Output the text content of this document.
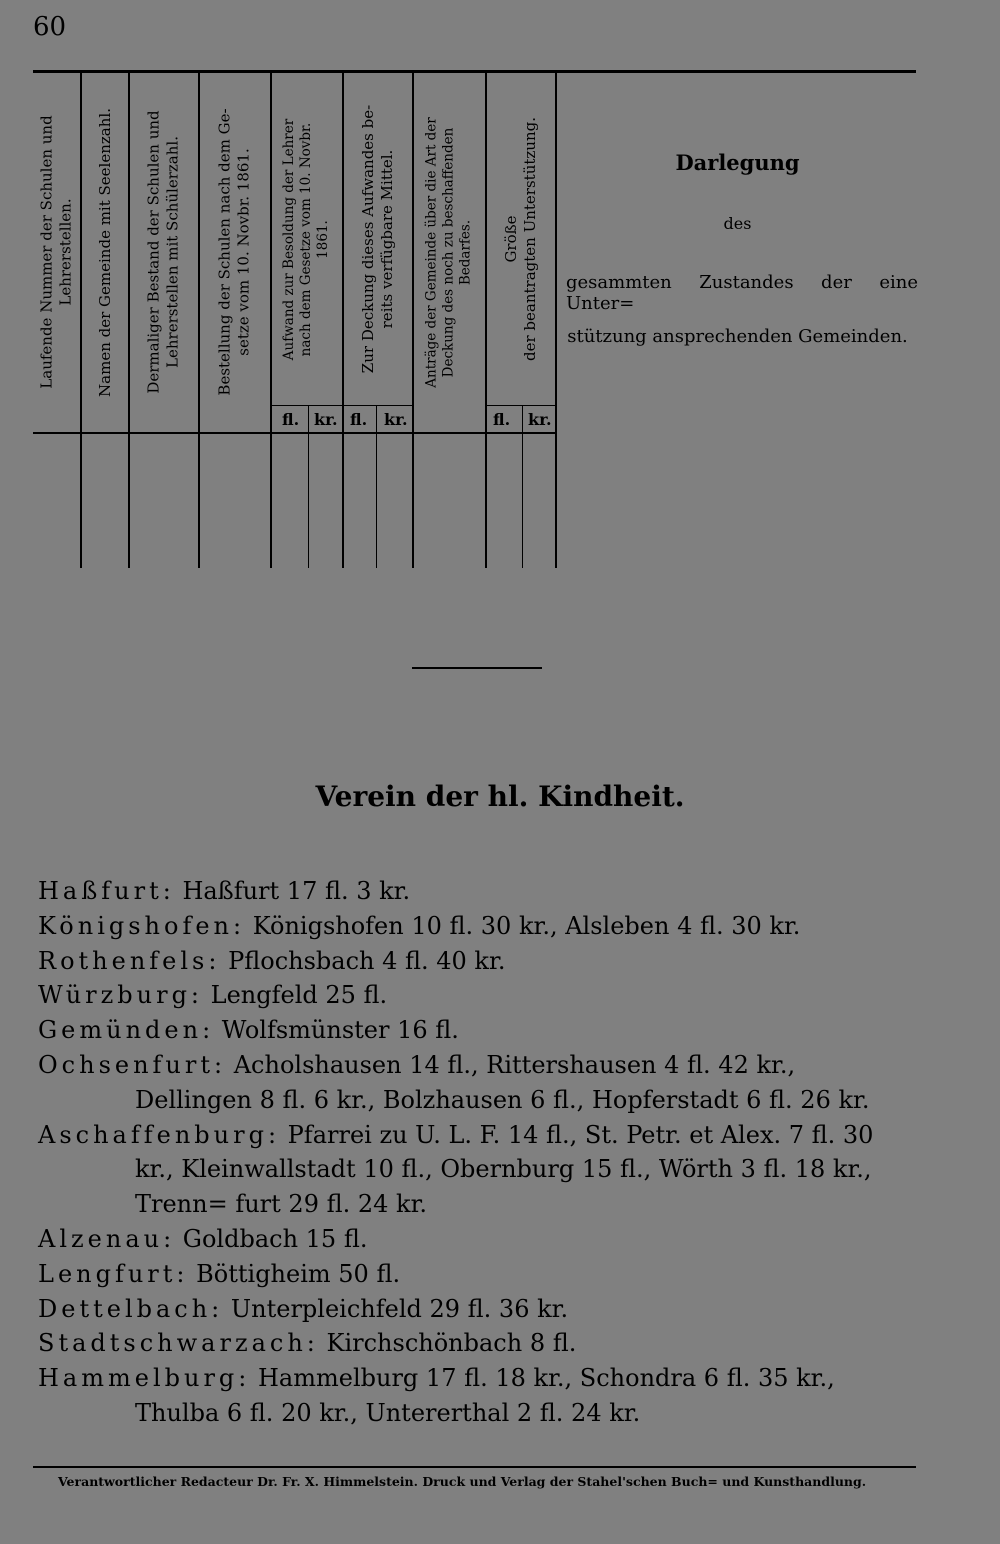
60
Laufende Nummer der Schulen und
Lehrerstellen. Namen der Gemeinde mit Seelenzahl. Dermaliger Bestand der Schulen und
Lehrerstellen mit Schülerzahl.
Bestellung der Schulen nach dem Ge-
setze vom 10. Novbr. 1861.
Aufwand zur Besoldung der Lehrer
nach dem Gesetze vom 10. Novbr.
1861.
Zur Deckung dieses Aufwandes be-
reits verfügbare Mittel.
Anträge der Gemeinde über die Art der
Deckung des noch zu beschaffenden
Bedarfes. Größe
der beantragten Unterstützung.
fl. kr. fl. kr.	fl. kr.
Darlegung
des
gesammten Zustandes der eine Unter=
stützung ansprechenden Gemeinden.
Verein der hl. Kindheit.

Haßfurt: Haßfurt 17 fl. 3 kr.

Königshofen: Königshofen 10 fl. 30 kr., Alsleben 4 fl. 30 kr.

Rothenfels: Pflochsbach 4 fl. 40 kr.

Würzburg: Lengfeld 25 fl.

Gemünden: Wolfsmünster 16 fl.

Ochsenfurt: Acholshausen 14 fl., Rittershausen 4 fl. 42 kr., Dellingen 8 fl. 6 kr., Bolzhausen 6 fl., Hopferstadt 6 fl. 26 kr.

Aschaffenburg: Pfarrei zu U. L. F. 14 fl., St. Petr. et Alex. 7 fl. 30 kr., Kleinwallstadt 10 fl., Obernburg 15 fl., Wörth 3 fl. 18 kr., Trenn= furt 29 fl. 24 kr.

Alzenau: Goldbach 15 fl.

Lengfurt: Böttigheim 50 fl.

Dettelbach: Unterpleichfeld 29 fl. 36 kr.

Stadtschwarzach: Kirchschönbach 8 fl.

Hammelburg: Hammelburg 17 fl. 18 kr., Schondra 6 fl. 35 kr., Thulba 6 fl. 20 kr., Untererthal 2 fl. 24 kr.

Verantwortlicher Redacteur Dr. Fr. X. Himmelstein. Druck und Verlag der Stahel'schen Buch= und Kunsthandlung.
